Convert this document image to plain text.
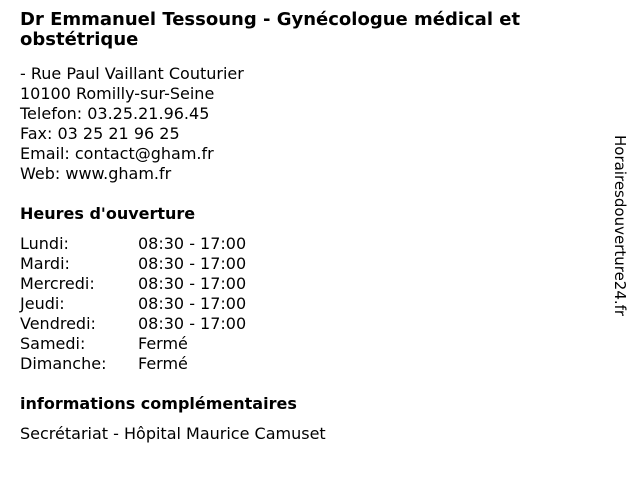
Dr Emmanuel Tessoung - Gynécologue médical et obstétrique
- Rue Paul Vaillant Couturier
10100 Romilly-sur-Seine
Telefon: 03.25.21.96.45
Fax: 03 25 21 96 25
Email: contact@gham.fr
Web: www.gham.fr
Heures d'ouverture
Lundi:	08:30 - 17:00
Mardi:	08:30 - 17:00
Mercredi:	08:30 - 17:00
Jeudi:	08:30 - 17:00
Vendredi:	08:30 - 17:00
Samedi:	Fermé
Dimanche: Fermé
informations complémentaires
Secrétariat - Hôpital Maurice Camuset
Horairesdouverture24.fr
